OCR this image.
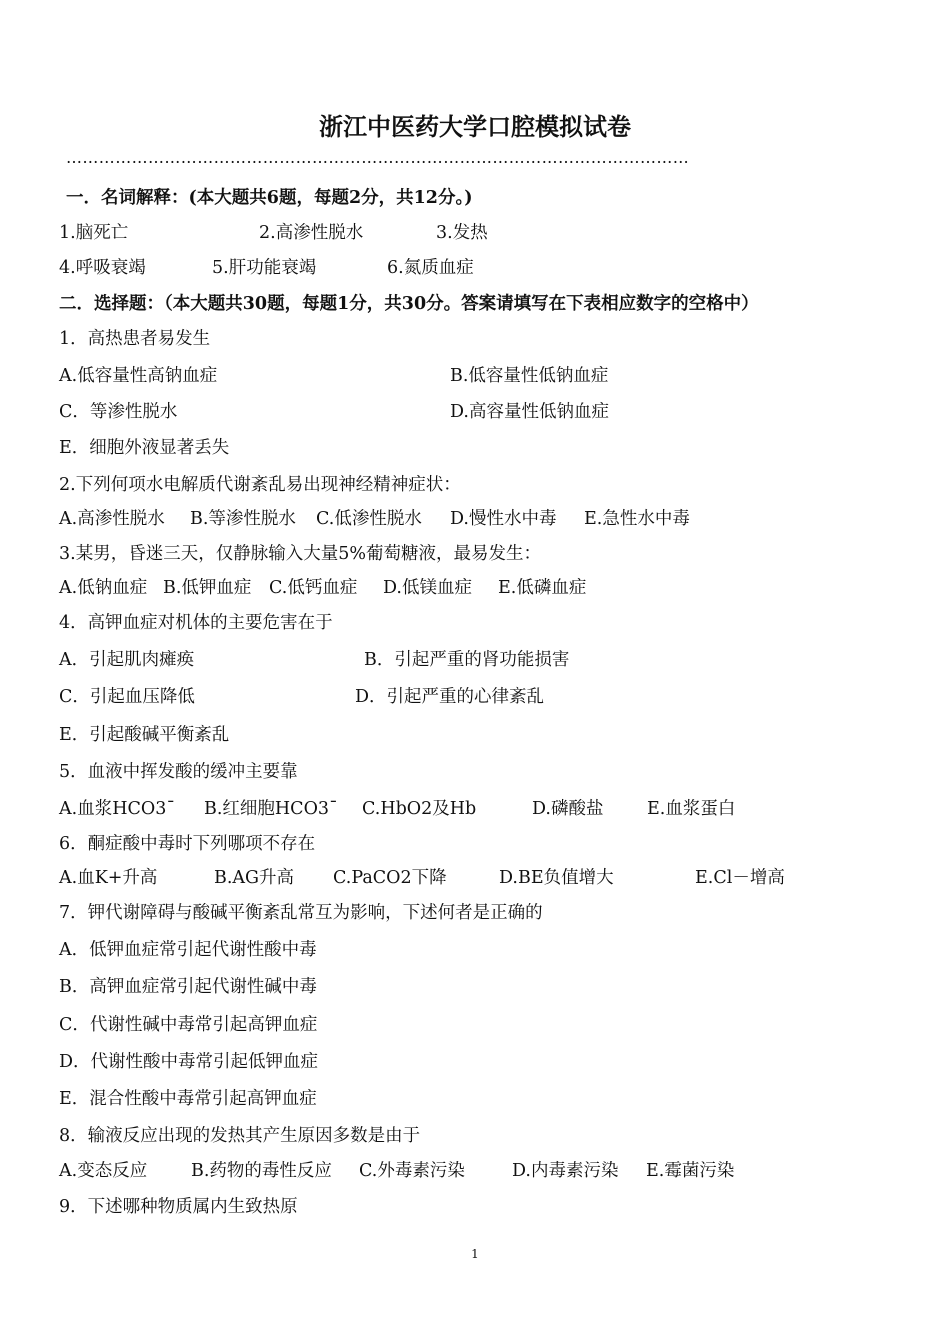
浙江中医药大学口腔模拟试卷
……………………………………………………………………………………………………
一．名词解释：(本大题共6题，每题2分，共12分。)
1.脑死亡	2.高渗性脱水	3.发热
4.呼吸衰竭	5.肝功能衰竭	6.氮质血症
二．选择题：（本大题共30题，每题1分，共30分。答案请填写在下表相应数字的空格中）
1．高热患者易发生
A.低容量性高钠血症	B.低容量性低钠血症
C．等渗性脱水	D.高容量性低钠血症
E．细胞外液显著丢失
2.下列何项水电解质代谢紊乱易出现神经精神症状：
A.高渗性脱水 B.等渗性脱水 C.低渗性脱水 D.慢性水中毒 E.急性水中毒
3.某男，昏迷三天，仅静脉输入大量5%葡萄糖液，最易发生：
A.低钠血症 B.低钾血症 C.低钙血症 D.低镁血症 E.低磷血症
4．高钾血症对机体的主要危害在于
A．引起肌肉瘫痪	B．引起严重的肾功能损害
C．引起血压降低	D．引起严重的心律紊乱
E．引起酸碱平衡紊乱
5．血液中挥发酸的缓冲主要靠
A.血浆HCO3ˉ B.红细胞HCO3ˉ C.HbO2及Hb	D.磷酸盐 E.血浆蛋白
6．酮症酸中毒时下列哪项不存在
A.血K+升高	B.AG升高 C.PaCO2下降	D.BE负值增大	E.Cl－增高
7．钾代谢障碍与酸碱平衡紊乱常互为影响，下述何者是正确的
A．低钾血症常引起代谢性酸中毒
B．高钾血症常引起代谢性碱中毒
C．代谢性碱中毒常引起高钾血症
D．代谢性酸中毒常引起低钾血症
E．混合性酸中毒常引起高钾血症
8．输液反应出现的发热其产生原因多数是由于
A.变态反应	B.药物的毒性反应 C.外毒素污染	D.内毒素污染 E.霉菌污染
9．下述哪种物质属内生致热原
1
